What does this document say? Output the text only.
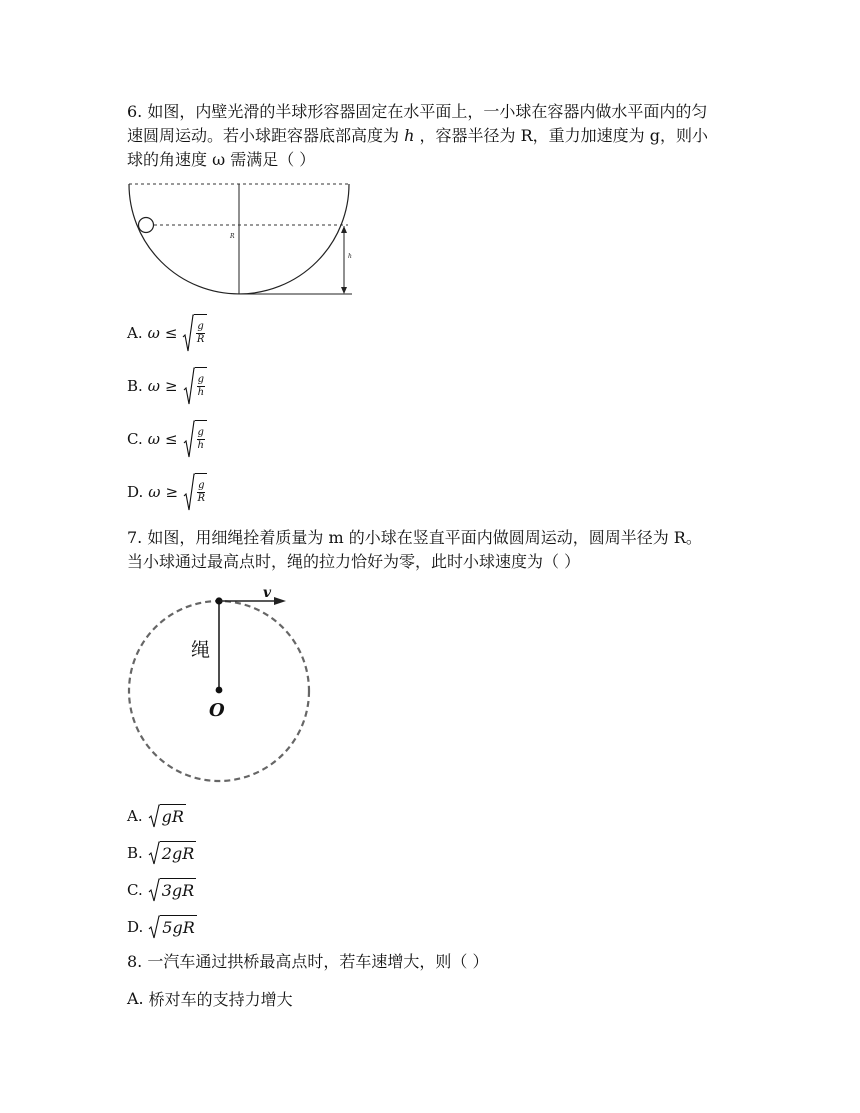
6. 如图，内壁光滑的半球形容器固定在水平面上，一小球在容器内做水平面内的匀

速圆周运动。若小球距容器底部高度为 ℎ ，容器半径为 R，重力加速度为 g，则小

球的角速度 ω 需满足（ ）

R
h
A. $\omega \le \frac{g}{R}$
B. $\omega \ge \frac{g}{\text{ℎ}}$
C. $\omega \le \frac{g}{\text{ℎ}}$
D. $\omega \ge \frac{g}{R}$

7. 如图，用细绳拴着质量为 m 的小球在竖直平面内做圆周运动，圆周半径为 R。

当小球通过最高点时，绳的拉力恰好为零，此时小球速度为（ ）

v
绳
O
A. gR
B. 2gR
C. 3gR
D. 5gR

8. 一汽车通过拱桥最高点时，若车速增大，则（ ）

A. 桥对车的支持力增大
